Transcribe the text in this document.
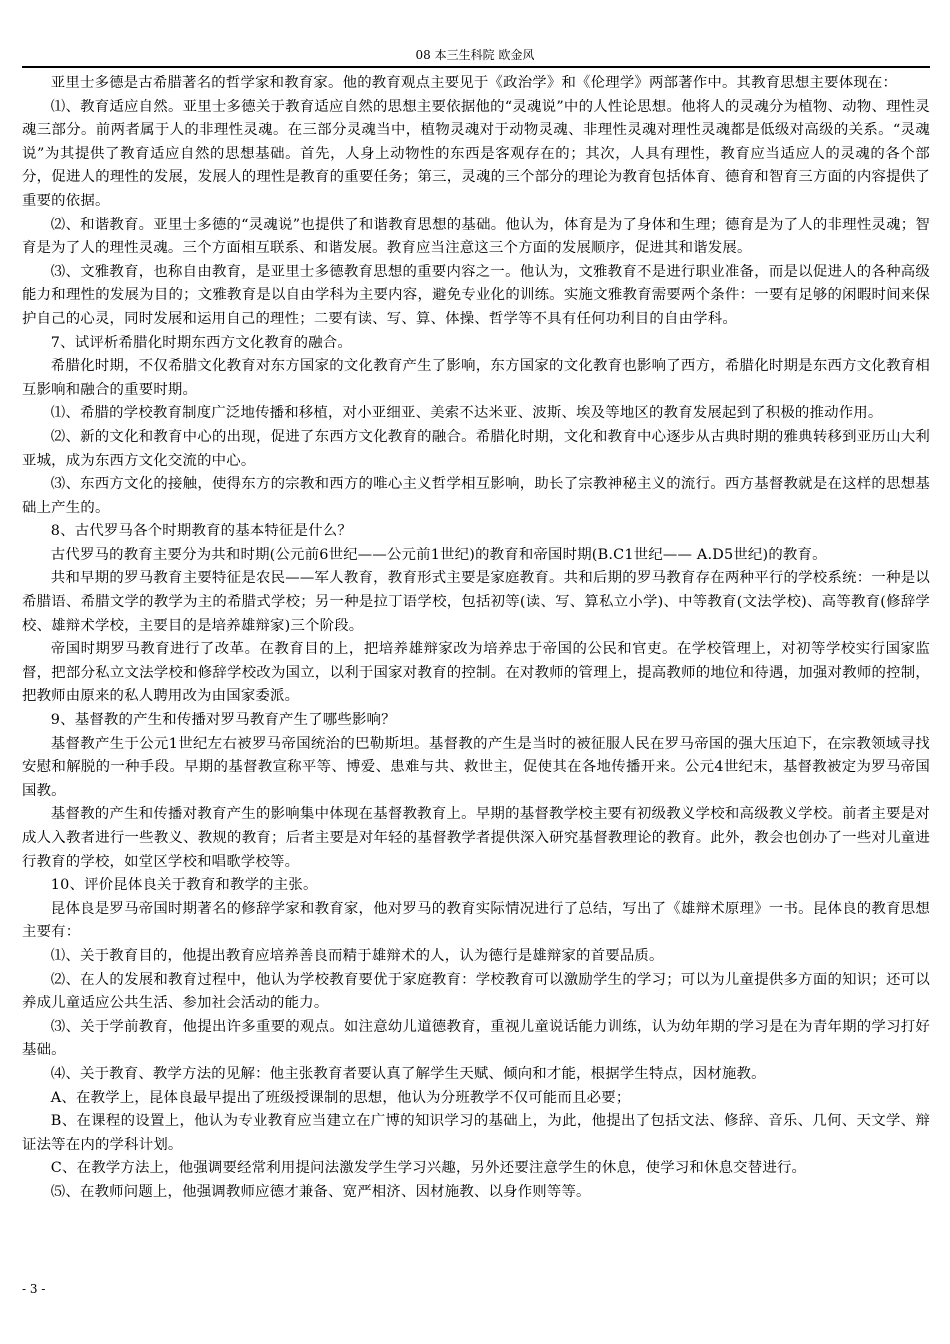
08 本三生科院 欧金风

亚里士多德是古希腊著名的哲学家和教育家。他的教育观点主要见于《政治学》和《伦理学》两部著作中。其教育思想主要体现在：

⑴、教育适应自然。亚里士多德关于教育适应自然的思想主要依据他的“灵魂说”中的人性论思想。他将人的灵魂分为植物、动物、理性灵魂三部分。前两者属于人的非理性灵魂。在三部分灵魂当中，植物灵魂对于动物灵魂、非理性灵魂对理性灵魂都是低级对高级的关系。“灵魂说”为其提供了教育适应自然的思想基础。首先，人身上动物性的东西是客观存在的；其次，人具有理性，教育应当适应人的灵魂的各个部分，促进人的理性的发展，发展人的理性是教育的重要任务；第三，灵魂的三个部分的理论为教育包括体育、德育和智育三方面的内容提供了重要的依据。

⑵、和谐教育。亚里士多德的“灵魂说”也提供了和谐教育思想的基础。他认为，体育是为了身体和生理；德育是为了人的非理性灵魂；智育是为了人的理性灵魂。三个方面相互联系、和谐发展。教育应当注意这三个方面的发展顺序，促进其和谐发展。

⑶、文雅教育，也称自由教育，是亚里士多德教育思想的重要内容之一。他认为，文雅教育不是进行职业准备，而是以促进人的各种高级能力和理性的发展为目的；文雅教育是以自由学科为主要内容，避免专业化的训练。实施文雅教育需要两个条件：一要有足够的闲暇时间来保护自己的心灵，同时发展和运用自己的理性；二要有读、写、算、体操、哲学等不具有任何功利目的自由学科。

7、试评析希腊化时期东西方文化教育的融合。

希腊化时期，不仅希腊文化教育对东方国家的文化教育产生了影响，东方国家的文化教育也影响了西方，希腊化时期是东西方文化教育相互影响和融合的重要时期。

⑴、希腊的学校教育制度广泛地传播和移植，对小亚细亚、美索不达米亚、波斯、埃及等地区的教育发展起到了积极的推动作用。

⑵、新的文化和教育中心的出现，促进了东西方文化教育的融合。希腊化时期，文化和教育中心逐步从古典时期的雅典转移到亚历山大利亚城，成为东西方文化交流的中心。

⑶、东西方文化的接触，使得东方的宗教和西方的唯心主义哲学相互影响，助长了宗教神秘主义的流行。西方基督教就是在这样的思想基础上产生的。

8、古代罗马各个时期教育的基本特征是什么？

古代罗马的教育主要分为共和时期(公元前6世纪——公元前1世纪)的教育和帝国时期(B.C1世纪—— A.D5世纪)的教育。

共和早期的罗马教育主要特征是农民——军人教育，教育形式主要是家庭教育。共和后期的罗马教育存在两种平行的学校系统：一种是以希腊语、希腊文学的教学为主的希腊式学校；另一种是拉丁语学校，包括初等(读、写、算私立小学)、中等教育(文法学校)、高等教育(修辞学校、雄辩术学校，主要目的是培养雄辩家)三个阶段。

帝国时期罗马教育进行了改革。在教育目的上，把培养雄辩家改为培养忠于帝国的公民和官吏。在学校管理上，对初等学校实行国家监督，把部分私立文法学校和修辞学校改为国立，以利于国家对教育的控制。在对教师的管理上，提高教师的地位和待遇，加强对教师的控制，把教师由原来的私人聘用改为由国家委派。

9、基督教的产生和传播对罗马教育产生了哪些影响？

基督教产生于公元1世纪左右被罗马帝国统治的巴勒斯坦。基督教的产生是当时的被征服人民在罗马帝国的强大压迫下，在宗教领域寻找安慰和解脱的一种手段。早期的基督教宣称平等、博爱、患难与共、救世主，促使其在各地传播开来。公元4世纪末，基督教被定为罗马帝国国教。

基督教的产生和传播对教育产生的影响集中体现在基督教教育上。早期的基督教学校主要有初级教义学校和高级教义学校。前者主要是对成人入教者进行一些教义、教规的教育；后者主要是对年轻的基督教学者提供深入研究基督教理论的教育。此外，教会也创办了一些对儿童进行教育的学校，如堂区学校和唱歌学校等。

10、评价昆体良关于教育和教学的主张。

昆体良是罗马帝国时期著名的修辞学家和教育家，他对罗马的教育实际情况进行了总结，写出了《雄辩术原理》一书。昆体良的教育思想主要有：

⑴、关于教育目的，他提出教育应培养善良而精于雄辩术的人，认为德行是雄辩家的首要品质。

⑵、在人的发展和教育过程中，他认为学校教育要优于家庭教育：学校教育可以激励学生的学习；可以为儿童提供多方面的知识；还可以养成儿童适应公共生活、参加社会活动的能力。

⑶、关于学前教育，他提出许多重要的观点。如注意幼儿道德教育，重视儿童说话能力训练，认为幼年期的学习是在为青年期的学习打好基础。

⑷、关于教育、教学方法的见解：他主张教育者要认真了解学生天赋、倾向和才能，根据学生特点，因材施教。

A、在教学上，昆体良最早提出了班级授课制的思想，他认为分班教学不仅可能而且必要；

B、在课程的设置上，他认为专业教育应当建立在广博的知识学习的基础上，为此，他提出了包括文法、修辞、音乐、几何、天文学、辩证法等在内的学科计划。

C、在教学方法上，他强调要经常利用提问法激发学生学习兴趣，另外还要注意学生的休息，使学习和休息交替进行。

⑸、在教师问题上，他强调教师应德才兼备、宽严相济、因材施教、以身作则等等。

- 3 -
